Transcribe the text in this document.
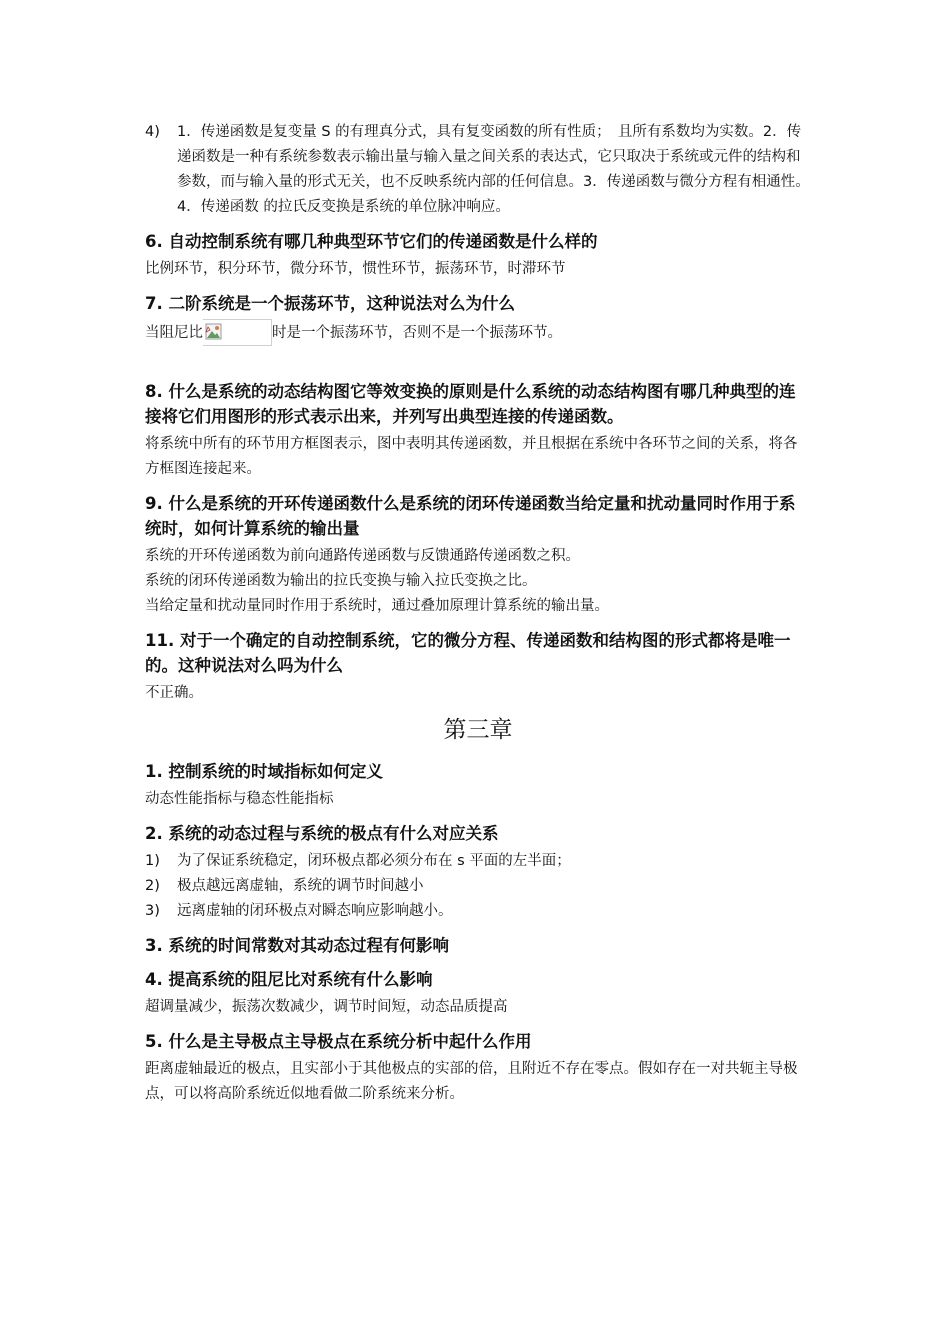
4)	1．传递函数是复变量 S 的有理真分式，具有复变函数的所有性质；　且所有系数均为实数。2．传递函数是一种有系统参数表示输出量与输入量之间关系的表达式，它只取决于系统或元件的结构和参数，而与输入量的形式无关，也不反映系统内部的任何信息。3．传递函数与微分方程有相通性。4．传递函数 的拉氏反变换是系统的单位脉冲响应。
6. 自动控制系统有哪几种典型环节它们的传递函数是什么样的

比例环节，积分环节，微分环节，惯性环节，振荡环节，时滞环节

7. 二阶系统是一个振荡环节，这种说法对么为什么

当阻尼比	时是一个振荡环节，否则不是一个振荡环节。

8. 什么是系统的动态结构图它等效变换的原则是什么系统的动态结构图有哪几种典型的连接将它们用图形的形式表示出来，并列写出典型连接的传递函数。

将系统中所有的环节用方框图表示，图中表明其传递函数，并且根据在系统中各环节之间的关系，将各方框图连接起来。

9. 什么是系统的开环传递函数什么是系统的闭环传递函数当给定量和扰动量同时作用于系统时，如何计算系统的输出量

系统的开环传递函数为前向通路传递函数与反馈通路传递函数之积。

系统的闭环传递函数为输出的拉氏变换与输入拉氏变换之比。

当给定量和扰动量同时作用于系统时，通过叠加原理计算系统的输出量。

11. 对于一个确定的自动控制系统，它的微分方程、传递函数和结构图的形式都将是唯一的。这种说法对么吗为什么

不正确。

第三章
1. 控制系统的时域指标如何定义

动态性能指标与稳态性能指标

2. 系统的动态过程与系统的极点有什么对应关系
1)	为了保证系统稳定，闭环极点都必须分布在 s 平面的左半面；
2)	极点越远离虚轴，系统的调节时间越小
3)	远离虚轴的闭环极点对瞬态响应影响越小。
3. 系统的时间常数对其动态过程有何影响
4. 提高系统的阻尼比对系统有什么影响

超调量减少，振荡次数减少，调节时间短，动态品质提高

5. 什么是主导极点主导极点在系统分析中起什么作用

距离虚轴最近的极点，且实部小于其他极点的实部的倍，且附近不存在零点。假如存在一对共轭主导极点，可以将高阶系统近似地看做二阶系统来分析。
